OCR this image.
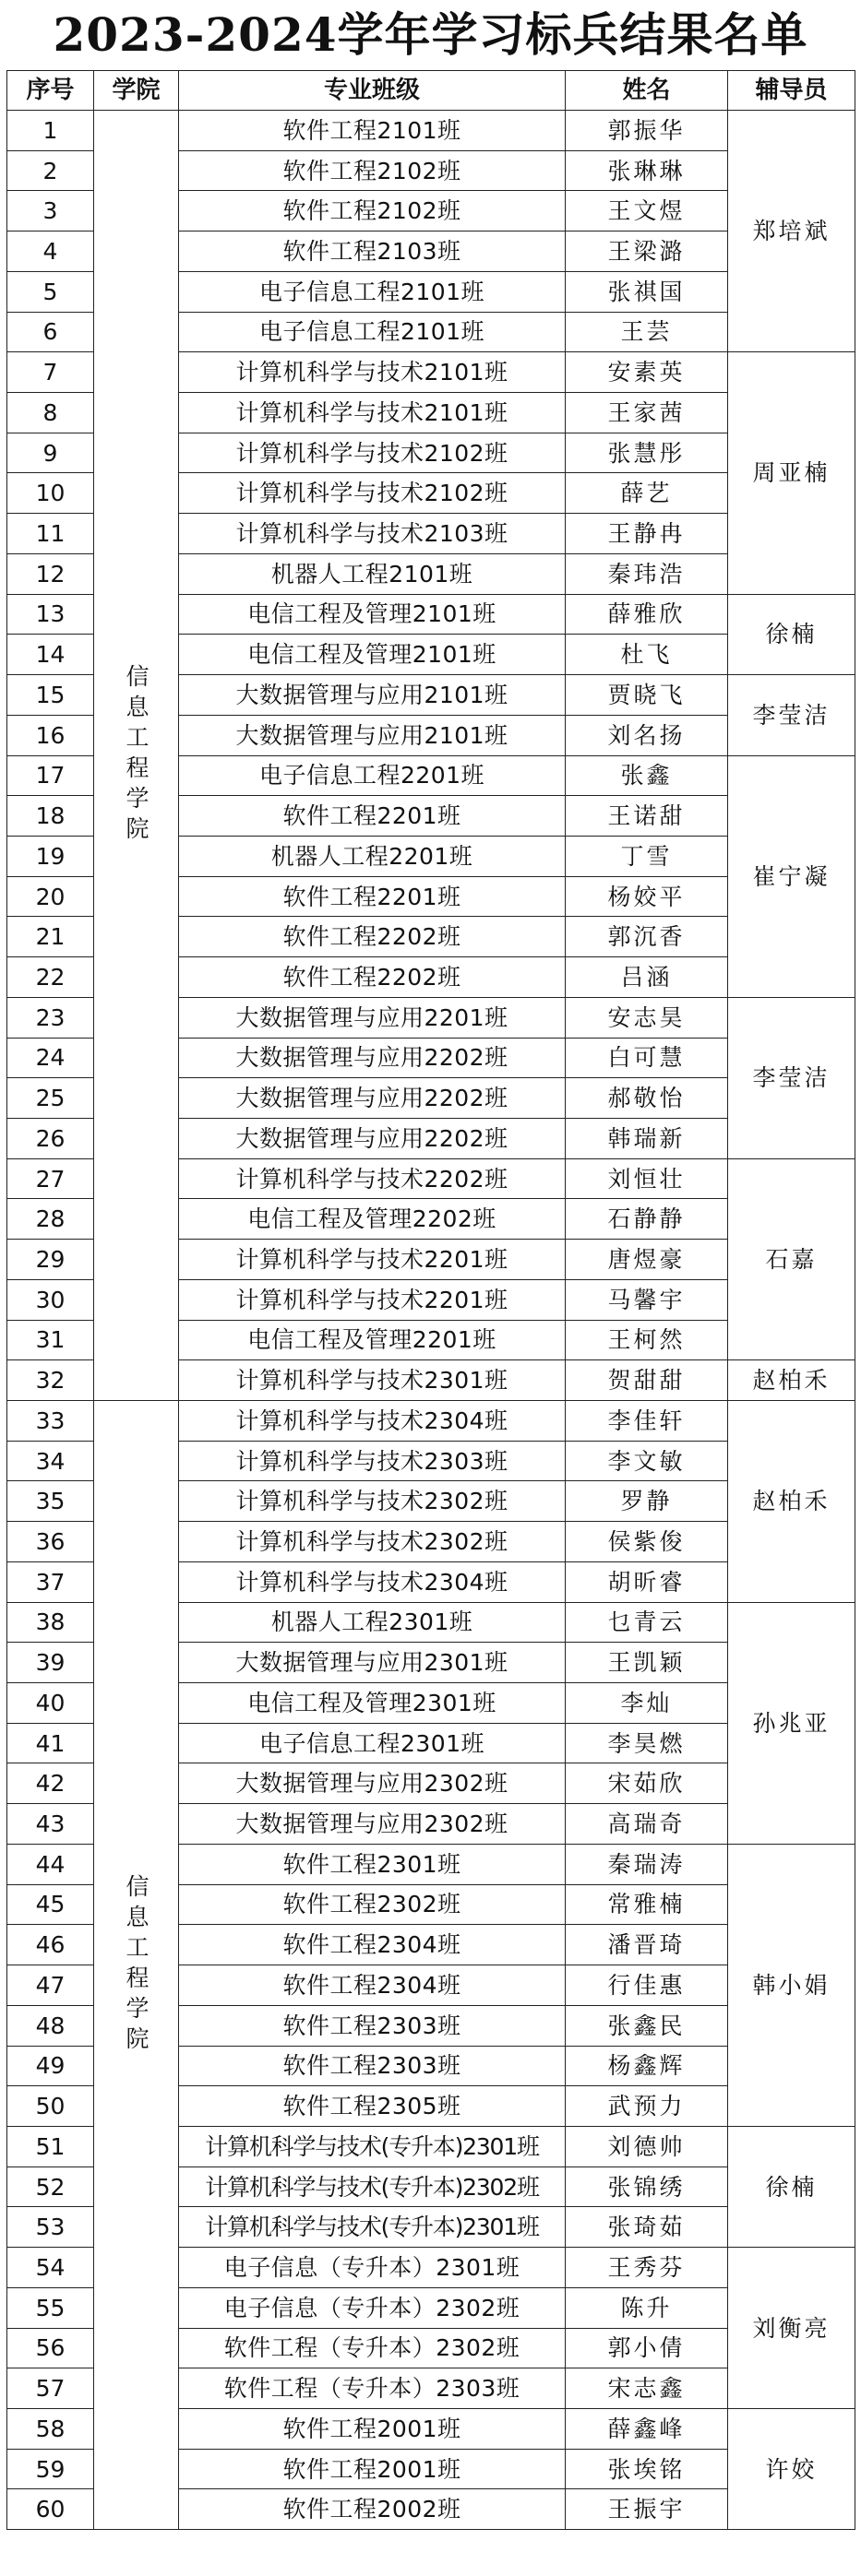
2023-2024学年学习标兵结果名单
序号	学院	专业班级	姓名	辅导员
1	信息工程学院	软件工程2101班	郭振华	郑培斌
2		软件工程2102班	张琳琳	
3		软件工程2102班	王文煜	
4		软件工程2103班	王梁潞	
5		电子信息工程2101班	张祺国	
6		电子信息工程2101班	王芸	
7		计算机科学与技术2101班	安素英	周亚楠
8		计算机科学与技术2101班	王家茜	
9		计算机科学与技术2102班	张慧彤	
10		计算机科学与技术2102班	薛艺	
11		计算机科学与技术2103班	王静冉	
12		机器人工程2101班	秦玮浩	
13		电信工程及管理2101班	薛雅欣	徐楠
14		电信工程及管理2101班	杜飞	
15		大数据管理与应用2101班	贾晓飞	李莹洁
16		大数据管理与应用2101班	刘名扬	
17		电子信息工程2201班	张鑫	崔宁凝
18		软件工程2201班	王诺甜	
19		机器人工程2201班	丁雪	
20		软件工程2201班	杨姣平	
21		软件工程2202班	郭沉香	
22		软件工程2202班	吕涵	
23		大数据管理与应用2201班	安志昊	李莹洁
24		大数据管理与应用2202班	白可慧	
25		大数据管理与应用2202班	郝敬怡	
26		大数据管理与应用2202班	韩瑞新	
27		计算机科学与技术2202班	刘恒壮	石嘉
28		电信工程及管理2202班	石静静	
29		计算机科学与技术2201班	唐煜豪	
30		计算机科学与技术2201班	马馨宇	
31		电信工程及管理2201班	王柯然	
32		计算机科学与技术2301班	贺甜甜	赵柏禾
33	信息工程学院	计算机科学与技术2304班	李佳轩	赵柏禾
34		计算机科学与技术2303班	李文敏	
35		计算机科学与技术2302班	罗静	
36		计算机科学与技术2302班	侯紫俊	
37		计算机科学与技术2304班	胡昕睿	
38		机器人工程2301班	乜青云	孙兆亚
39		大数据管理与应用2301班	王凯颖	
40		电信工程及管理2301班	李灿	
41		电子信息工程2301班	李昊燃	
42		大数据管理与应用2302班	宋茹欣	
43		大数据管理与应用2302班	高瑞奇	
44		软件工程2301班	秦瑞涛	韩小娟
45		软件工程2302班	常雅楠	
46		软件工程2304班	潘晋琦	
47		软件工程2304班	行佳惠	
48		软件工程2303班	张鑫民	
49		软件工程2303班	杨鑫辉	
50		软件工程2305班	武预力	
51		计算机科学与技术(专升本)2301班	刘德帅	徐楠
52		计算机科学与技术(专升本)2302班	张锦绣	
53		计算机科学与技术(专升本)2301班	张琦茹	
54		电子信息（专升本）2301班	王秀芬	刘衡亮
55		电子信息（专升本）2302班	陈升	
56		软件工程（专升本）2302班	郭小倩	
57		软件工程（专升本）2303班	宋志鑫	
58		软件工程2001班	薛鑫峰	许姣
59		软件工程2001班	张埃铭	
60		软件工程2002班	王振宇	
